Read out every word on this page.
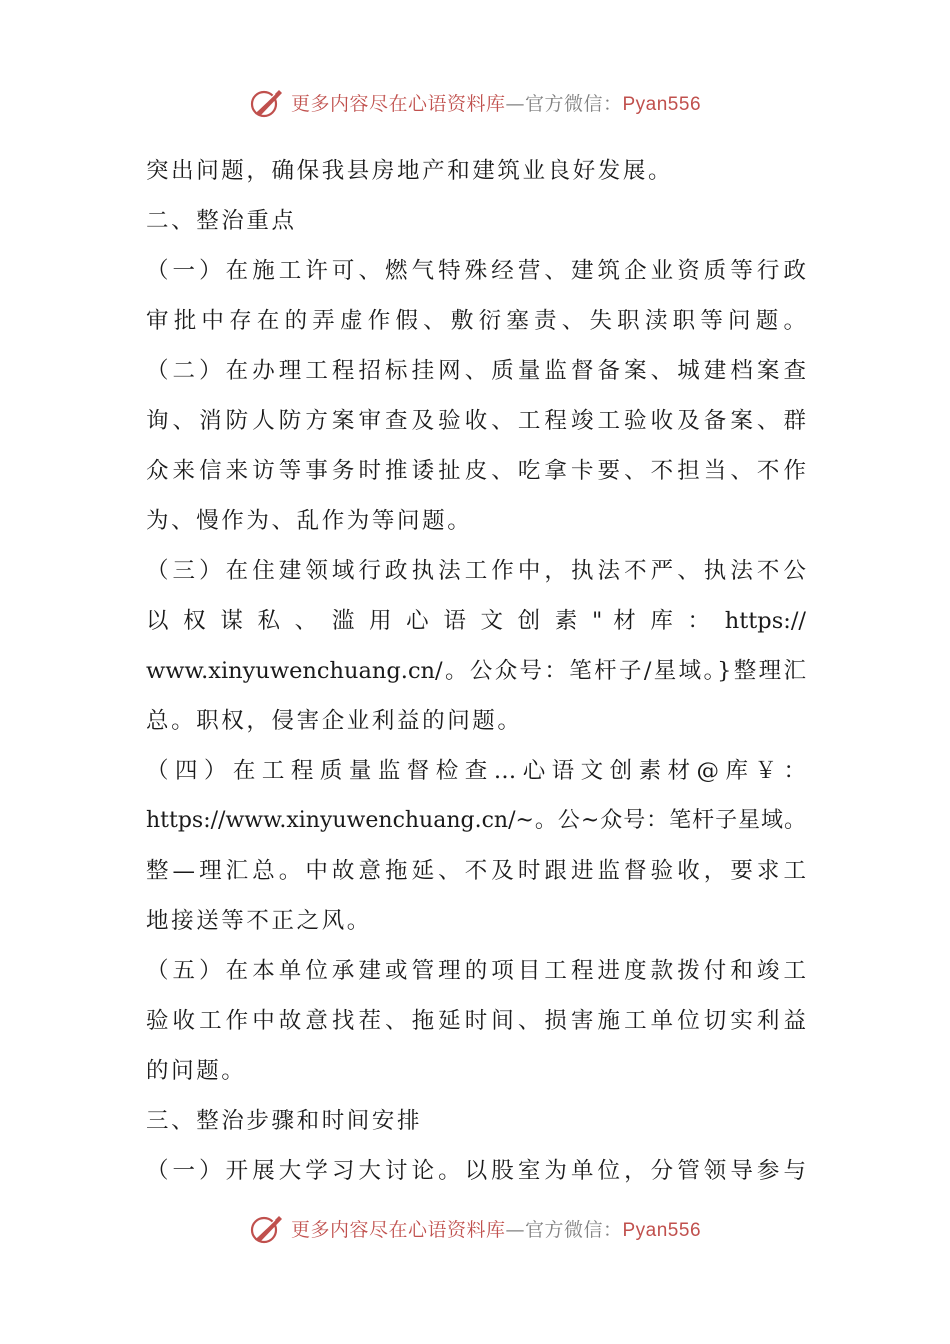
更多内容尽在心语资料库—官方微信：Pyan556
突出问题，确保我县房地产和建筑业良好发展。
二、整治重点
（一）在施工许可、燃气特殊经营、建筑企业资质等行政
审批中存在的弄虚作假、敷衍塞责、失职渎职等问题。
（二）在办理工程招标挂网、质量监督备案、城建档案查
询、消防人防方案审查及验收、工程竣工验收及备案、群
众来信来访等事务时推诿扯皮、吃拿卡要、不担当、不作
为、慢作为、乱作为等问题。
（三）在住建领域行政执法工作中，执法不严、执法不公
以 权 谋 私 、 滥 用 心 语 文 创 素 " 材 库 ： https://
www.xinyuwenchuang.cn/。公众号：笔杆子/星域。}整理汇
总。职权，侵害企业利益的问题。
（四）在工程质量监督检查…心语文创素材@库￥：
https://www.xinyuwenchuang.cn/~。公~众号：笔杆子星域。
整—理汇总。中故意拖延、不及时跟进监督验收，要求工
地接送等不正之风。
（五）在本单位承建或管理的项目工程进度款拨付和竣工
验收工作中故意找茬、拖延时间、损害施工单位切实利益
的问题。
三、整治步骤和时间安排
（一）开展大学习大讨论。以股室为单位，分管领导参与
更多内容尽在心语资料库—官方微信：Pyan556
